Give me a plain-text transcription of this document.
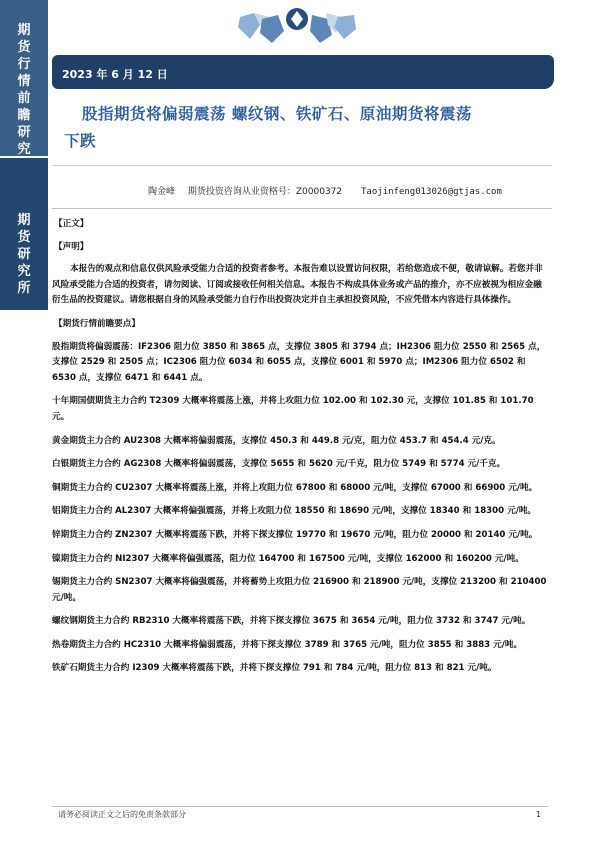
期
货
行
情
前
瞻
研
究
期
货
研
究
所
2023 年 6 月 12 日
股指期货将偏弱震荡 螺纹钢、铁矿石、原油期货将震荡
下跌
陶金峰 期货投资咨询从业资格号：Z0000372 Taojinfeng013026@gtjas.com
【正文】
【声明】
本报告的观点和信息仅供风险承受能力合适的投资者参考。本报告难以设置访问权限，若给您造成不便，敬请谅解。若您并非风险承受能力合适的投资者，请勿阅读、订阅或接收任何相关信息。本报告不构成具体业务或产品的推介，亦不应被视为相应金融衍生品的投资建议。请您根据自身的风险承受能力自行作出投资决定并自主承担投资风险，不应凭借本内容进行具体操作。
【期货行情前瞻要点】
股指期货将偏弱震荡：IF2306 阻力位 3850 和 3865 点，支撑位 3805 和 3794 点；IH2306 阻力位 2550 和 2565 点，支撑位 2529 和 2505 点；IC2306 阻力位 6034 和 6055 点，支撑位 6001 和 5970 点；IM2306 阻力位 6502 和 6530 点，支撑位 6471 和 6441 点。
十年期国债期货主力合约 T2309 大概率将震荡上涨，并将上攻阻力位 102.00 和 102.30 元，支撑位 101.85 和 101.70 元。
黄金期货主力合约 AU2308 大概率将偏弱震荡，支撑位 450.3 和 449.8 元/克，阻力位 453.7 和 454.4 元/克。
白银期货主力合约 AG2308 大概率将偏弱震荡，支撑位 5655 和 5620 元/千克，阻力位 5749 和 5774 元/千克。
铜期货主力合约 CU2307 大概率将震荡上涨，并将上攻阻力位 67800 和 68000 元/吨，支撑位 67000 和 66900 元/吨。
铝期货主力合约 AL2307 大概率将偏强震荡，并将上攻阻力位 18550 和 18690 元/吨，支撑位 18340 和 18300 元/吨。
锌期货主力合约 ZN2307 大概率将震荡下跌，并将下探支撑位 19770 和 19670 元/吨，阻力位 20000 和 20140 元/吨。
镍期货主力合约 NI2307 大概率将偏强震荡，阻力位 164700 和 167500 元/吨，支撑位 162000 和 160200 元/吨。
锡期货主力合约 SN2307 大概率将偏强震荡，并将蓄势上攻阻力位 216900 和 218900 元/吨，支撑位 213200 和 210400 元/吨。
螺纹钢期货主力合约 RB2310 大概率将震荡下跌，并将下探支撑位 3675 和 3654 元/吨，阻力位 3732 和 3747 元/吨。
热卷期货主力合约 HC2310 大概率将偏弱震荡，并将下探支撑位 3789 和 3765 元/吨，阻力位 3855 和 3883 元/吨。
铁矿石期货主力合约 I2309 大概率将震荡下跌，并将下探支撑位 791 和 784 元/吨，阻力位 813 和 821 元/吨。
请务必阅读正文之后的免责条款部分	1
